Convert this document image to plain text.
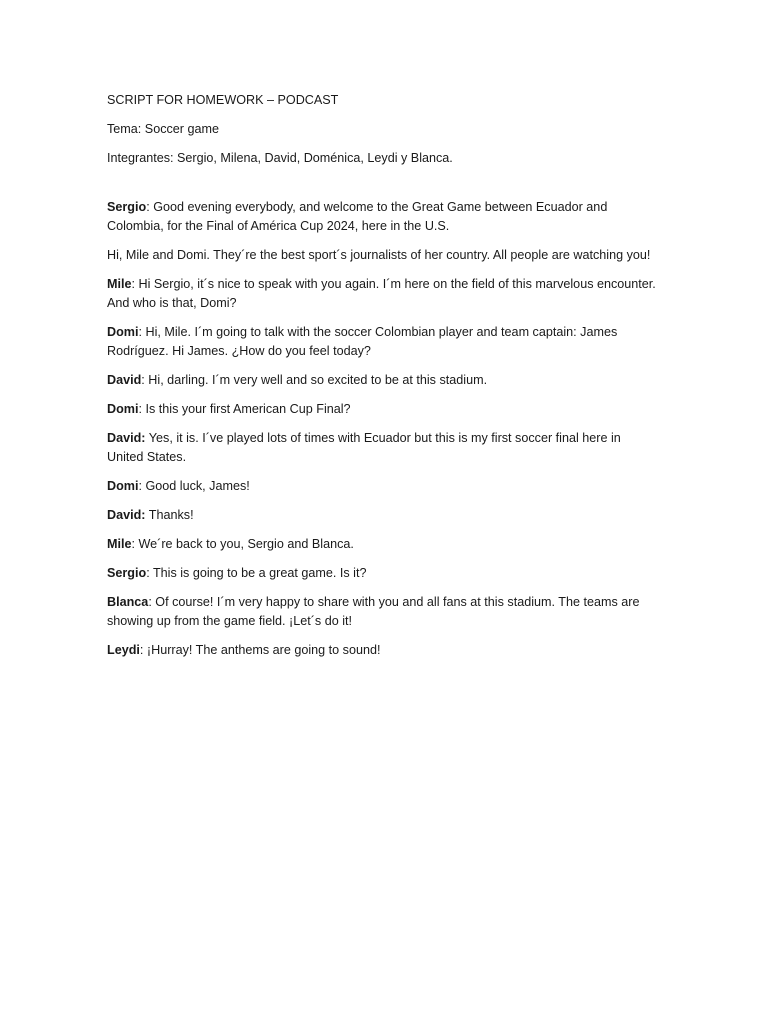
SCRIPT FOR HOMEWORK – PODCAST

Tema: Soccer game

Integrantes: Sergio, Milena, David, Doménica, Leydi y Blanca.

Sergio: Good evening everybody, and welcome to the Great Game between Ecuador and Colombia, for the Final of América Cup 2024, here in the U.S.

Hi, Mile and Domi. They´re the best sport´s journalists of her country. All people are watching you!

Mile: Hi Sergio, it´s nice to speak with you again. I´m here on the field of this marvelous encounter. And who is that, Domi?

Domi: Hi, Mile. I´m going to talk with the soccer Colombian player and team captain: James Rodríguez. Hi James. ¿How do you feel today?

David: Hi, darling. I´m very well and so excited to be at this stadium.

Domi: Is this your first American Cup Final?

David: Yes, it is. I´ve played lots of times with Ecuador but this is my first soccer final here in United States.

Domi: Good luck, James!

David: Thanks!

Mile: We´re back to you, Sergio and Blanca.

Sergio: This is going to be a great game. Is it?

Blanca: Of course! I´m very happy to share with you and all fans at this stadium. The teams are showing up from the game field. ¡Let´s do it!

Leydi: ¡Hurray! The anthems are going to sound!
